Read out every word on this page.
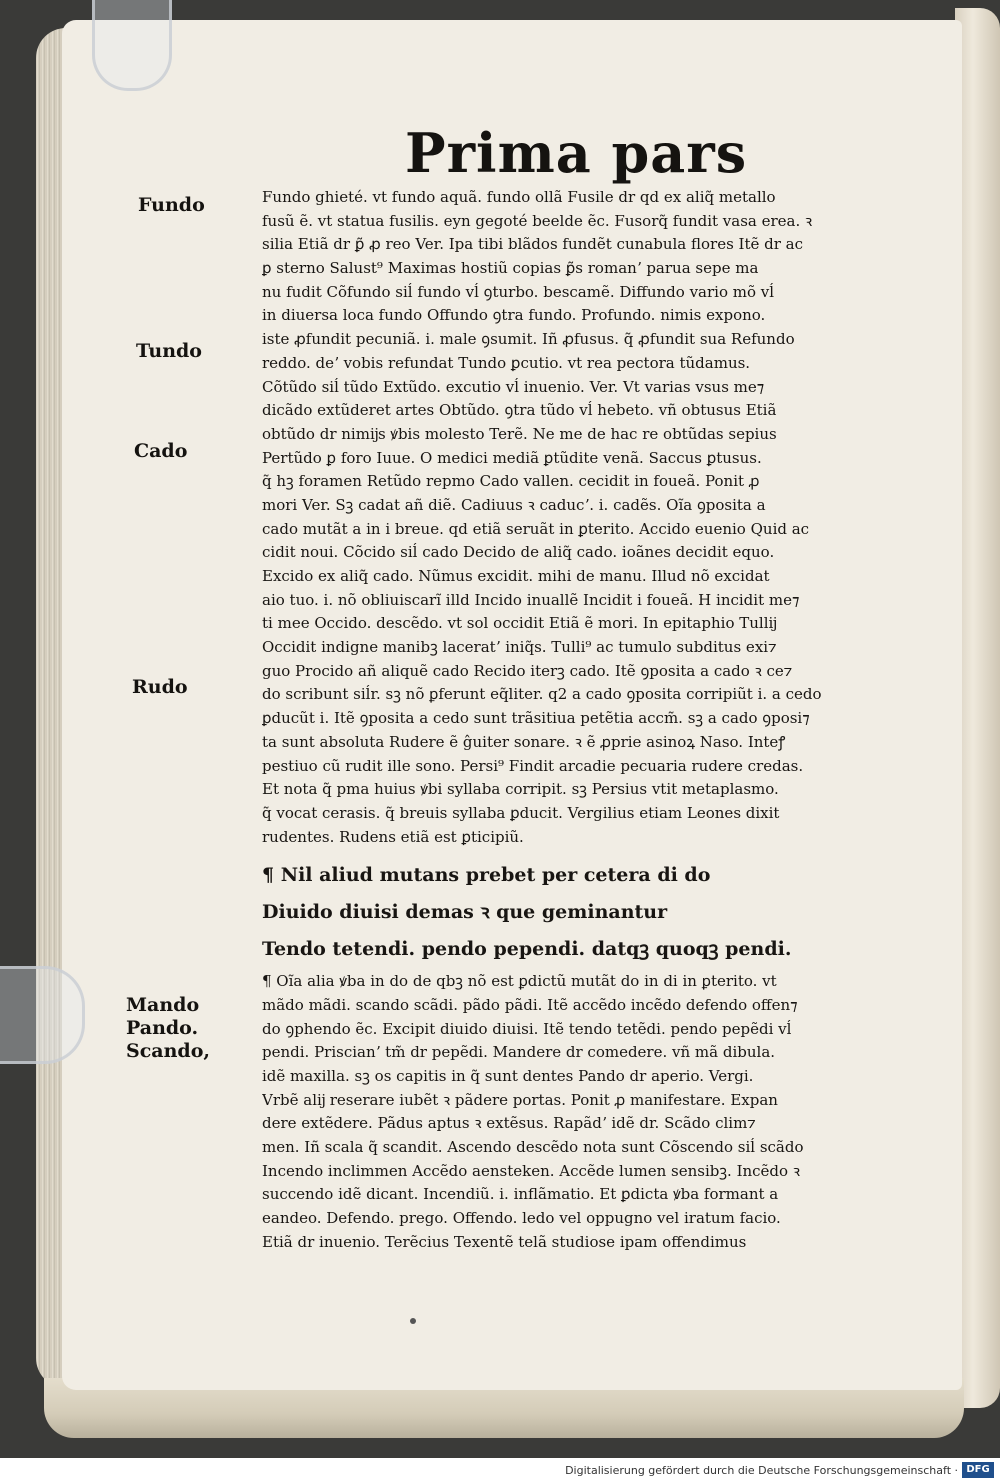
Prima pars
Fundo
Tundo
Cado
Rudo
Mando
Pando.
Scando,
Fundo ghieté. vt fundo aquã. fundo ollã Fusile dr qd ex aliq̃ metallo
fusũ ẽ. vt statua fusilis. eyn gegoté beelde ẽc. Fusorq̃ fundit vasa erea. ꝛ
silia Etiã dr ꝑ̃ ꝓ reo Ver. Ipa tibi blãdos fundẽt cunabula flores Itẽ dr ac
ꝑ sterno Salust⁹ Maximas hostiũ copias ꝑ̃s romanʼ parua sepe ma
nu fudit Cõfundo siĺ fundo vĺ ꝯturbo. bescamẽ. Diffundo vario mõ vĺ
in diuersa loca fundo Offundo ꝯtra fundo. Profundo. nimis expono.
iste ꝓfundit pecuniã. i. male ꝯsumit. Iñ ꝓfusus. q̃ ꝓfundit sua Refundo
reddo. deʼ vobis refundat Tundo ꝑcutio. vt rea pectora tũdamus.
Cõtũdo siĺ tũdo Extũdo. excutio vĺ inuenio. Ver. Vt varias vsus me⁊
dicãdo extũderet artes Obtũdo. ꝯtra tũdo vĺ hebeto. vñ obtusus Etiã
obtũdo dr nimĳs ꝟbis molesto Terẽ. Ne me de hac re obtũdas sepius
Pertũdo ꝑ foro Iuue. O medici mediã ꝑtũdite venã. Saccus ꝑtusus.
q̃ hꝫ foramen Retũdo repmo Cado vallen. cecidit in foueã. Ponit ꝓ
mori Ver. Sꝫ cadat añ diẽ. Cadiuus ꝛ caducʼ. i. cadẽs. Oĩa ꝯposita a
cado mutãt a in i breue. qd etiã seruãt in ꝑterito. Accido euenio Quid ac
cidit noui. Cõcido siĺ cado Decido de aliq̃ cado. ioãnes decidit equo.
Excido ex aliq̃ cado. Nũmus excidit. mihi de manu. Illud nõ excidat
aio tuo. i. nõ obliuiscarĩ illd Incido inuallẽ Incidit i foueã. H incidit me⁊
ti mee Occido. descẽdo. vt sol occidit Etiã ẽ mori. In epitaphio Tullĳ
Occidit indigne manibꝫ laceratʼ iniq̃s. Tulli⁹ ac tumulo subditus exi⁊
guo Procido añ aliquẽ cado Recido iterꝫ cado. Itẽ ꝯposita a cado ꝛ ce⁊
do scribunt siĺr. sꝫ nõ ꝑferunt eq̃liter. q2 a cado ꝯposita corripiũt i. a cedo
ꝑducũt i. Itẽ ꝯposita a cedo sunt trãsitiua petẽtia accm̃. sꝫ a cado ꝯposi⁊
ta sunt absoluta Rudere ẽ ĝuiter sonare. ꝛ ẽ ꝓprie asinoꝝ Naso. Inteꝭ
pestiuo cũ rudit ille sono. Persi⁹ Findit arcadie pecuaria rudere credas.
Et nota q̃ pma huius ꝟbi syllaba corripit. sꝫ Persius vtit metaplasmo.
q̃ vocat cerasis. q̃ breuis syllaba ꝑducit. Vergilius etiam Leones dixit
rudentes. Rudens etiã est ꝑticipiũ.
¶ Nil aliud mutans prebet per cetera di do
Diuido diuisi demas ꝛ que geminantur
Tendo tetendi. pendo pependi. datqꝫ quoqꝫ pendi.
¶ Oĩa alia ꝟba in do de qbꝫ nõ est ꝑdictũ mutãt do in di in ꝑterito. vt
mãdo mãdi. scando scãdi. pãdo pãdi. Itẽ accẽdo incẽdo defendo offen⁊
do ꝯphendo ẽc. Excipit diuido diuisi. Itẽ tendo tetẽdi. pendo pepẽdi vĺ
pendi. Priscianʼ tm̃ dr pepẽdi. Mandere dr comedere. vñ mã dibula.
idẽ maxilla. sꝫ os capitis in q̃ sunt dentes Pando dr aperio. Vergi.
Vrbẽ alĳ reserare iubẽt ꝛ pãdere portas. Ponit ꝓ manifestare. Expan
dere extẽdere. Pãdus aptus ꝛ extẽsus. Rapãdʼ idẽ dr. Scãdo clim⁊
men. Iñ scala q̃ scandit. Ascendo descẽdo nota sunt Cõscendo siĺ scãdo
Incendo inclimmen Accẽdo aensteken. Accẽde lumen sensibꝫ. Incẽdo ꝛ
succendo idẽ dicant. Incendiũ. i. inflãmatio. Et ꝑdicta ꝟba formant a
eandeo. Defendo. prego. Offendo. ledo vel oppugno vel iratum facio.
Etiã dr inuenio. Terẽcius Texentẽ telã studiose ipam offendimus
Digitalisierung gefördert durch die Deutsche Forschungsgemeinschaft · DFG
